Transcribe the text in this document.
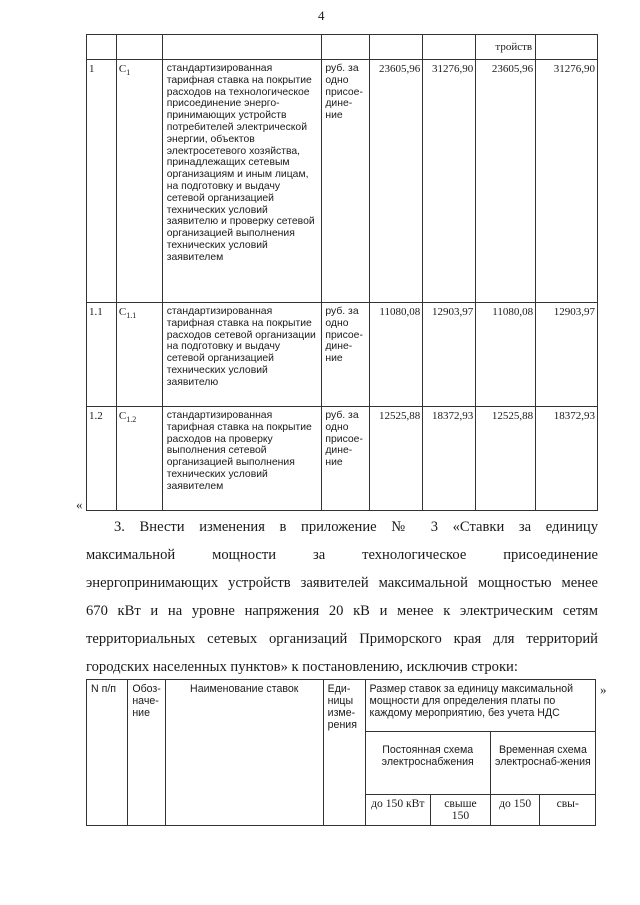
4
						тройств	
1	$C_1$	стандартизированная тарифная ставка на покрытие расходов на технологическое присоединение энерго-принимающих устройств потребителей электрической энергии, объектов электросетевого хозяйства, принадлежащих сетевым организациям и иным лицам, на подготовку и выдачу сетевой организацией технических условий заявителю и проверку сетевой организацией выполнения технических условий заявителем	руб. за одно присое-дине-ние	23605,96	31276,90	23605,96	31276,90
1.1	$C_{1.1}$	стандартизированная тарифная ставка на покрытие расходов сетевой организации на подготовку и выдачу сетевой организацией технических условий заявителю	руб. за одно присое-дине-ние	11080,08	12903,97	11080,08	12903,97
1.2	$C_{1.2}$	стандартизированная тарифная ставка на покрытие расходов на проверку выполнения сетевой организацией выполнения технических условий заявителем	руб. за одно присое-дине-ние	12525,88	18372,93	12525,88	18372,93
«
3. Внести изменения в приложение № 3 «Ставки за единицу
максимальной мощности за технологическое присоединение
энергопринимающих устройств заявителей максимальной мощностью менее
670 кВт и на уровне напряжения 20 кВ и менее к электрическим сетям
территориальных сетевых организаций Приморского края для территорий
городских населенных пунктов» к постановлению, исключив строки:
N п/п	Обоз-наче-ние	Наименование ставок	Еди-ницы изме-рения	Размер ставок за единицу максимальной мощности для определения платы по каждому мероприятию, без учета НДС			
				Постоянная схема электроснабжения		Временная схема электроснаб-жения	
				до 150 кВт	свыше 150	до 150	свы-
»
